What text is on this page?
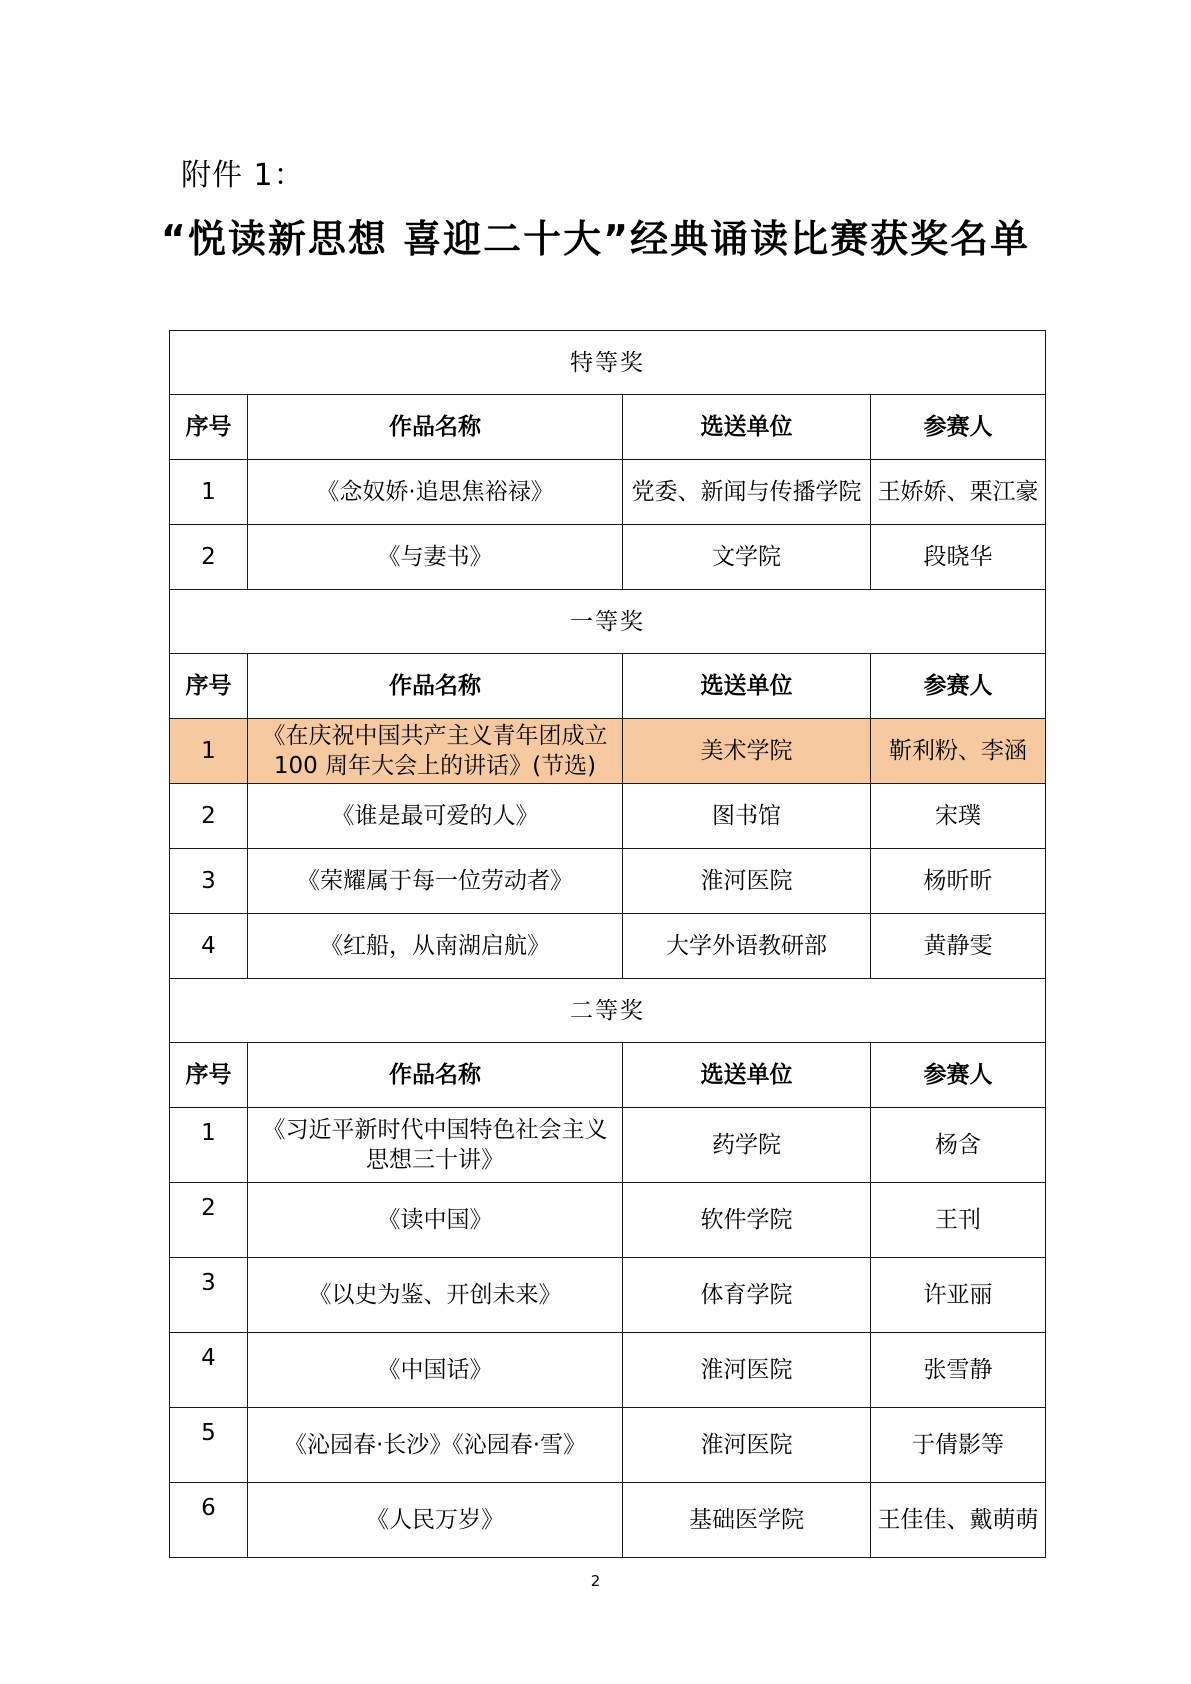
附件 1：
“悦读新思想 喜迎二十大”经典诵读比赛获奖名单
特等奖			
序号	作品名称	选送单位	参赛人
1	《念奴娇·追思焦裕禄》	党委、新闻与传播学院	王娇娇、栗江豪
2	《与妻书》	文学院	段晓华
一等奖			
序号	作品名称	选送单位	参赛人
1	《在庆祝中国共产主义青年团成立 100 周年大会上的讲话》(节选)	美术学院	靳利粉、李涵
2	《谁是最可爱的人》	图书馆	宋璞
3	《荣耀属于每一位劳动者》	淮河医院	杨昕昕
4	《红船，从南湖启航》	大学外语教研部	黄静雯
二等奖			
序号	作品名称	选送单位	参赛人
1	《习近平新时代中国特色社会主义思想三十讲》	药学院	杨含
2	《读中国》	软件学院	王刊
3	《以史为鉴、开创未来》	体育学院	许亚丽
4	《中国话》	淮河医院	张雪静
5	《沁园春·长沙》《沁园春·雪》	淮河医院	于倩影等
6	《人民万岁》	基础医学院	王佳佳、戴萌萌
2
